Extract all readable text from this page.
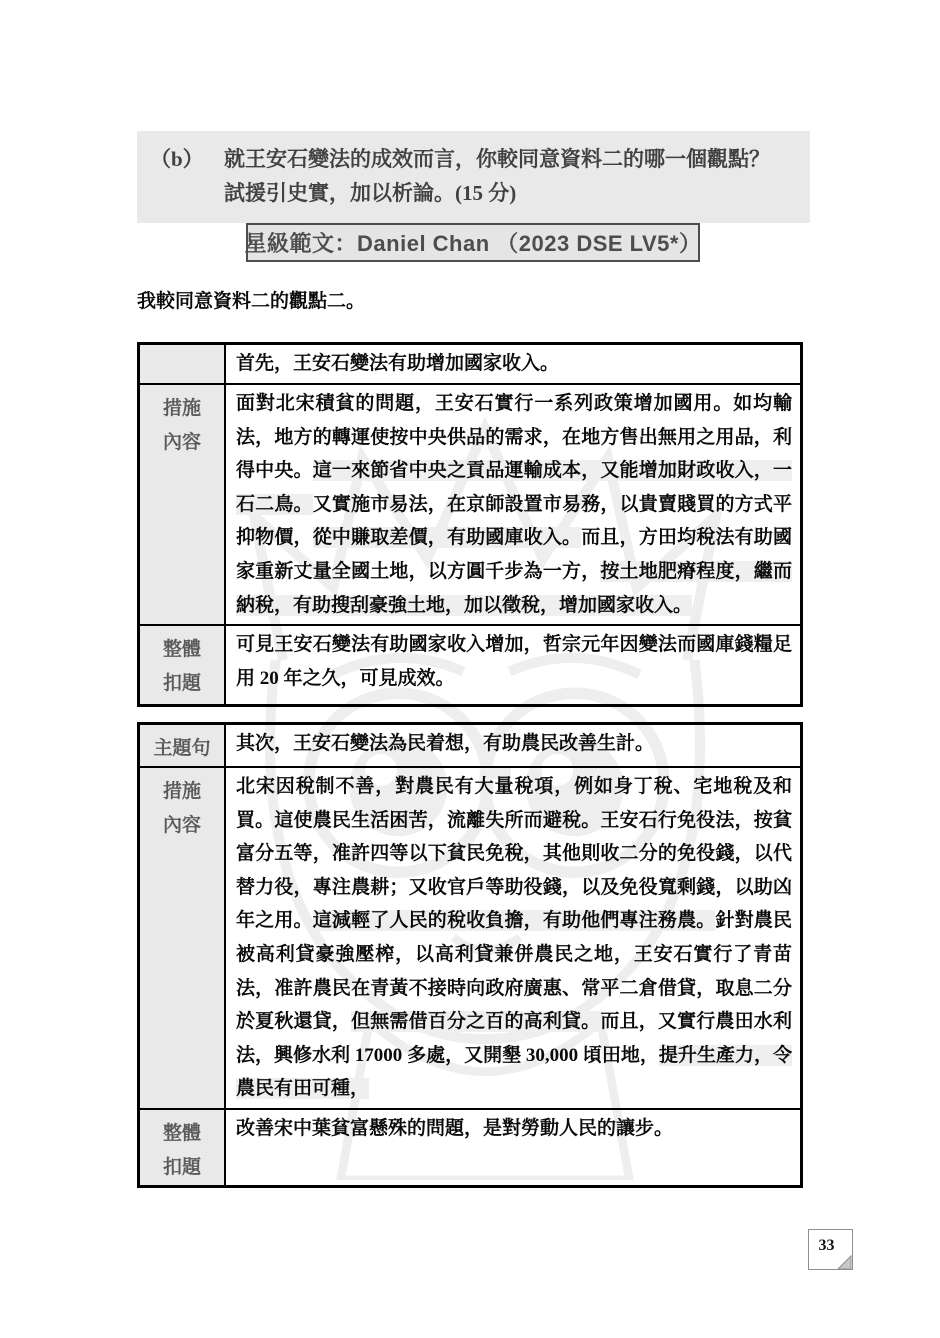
（b） 就王安石變法的成效而言，你較同意資料二的哪一個觀點？
試援引史實，加以析論。(15 分)
星級範文：Daniel Chan （2023 DSE LV5*）
我較同意資料二的觀點二。
首先，王安石變法有助增加國家收入。
措施
內容
面對北宋積貧的問題，王安石實行一系列政策增加國用。如均輸法，地方的轉運使按中央供品的需求，在地方售出無用之用品，利得中央。這一來節省中央之貢品運輸成本，又能增加財政收入，一石二鳥。又實施市易法，在京師設置市易務，以貴賣賤買的方式平抑物價，從中賺取差價，有助國庫收入。而且，方田均稅法有助國家重新丈量全國土地，以方圓千步為一方，按土地肥瘠程度，繼而納稅，有助搜刮豪強土地，加以徵稅，增加國家收入。
整體
扣題
可見王安石變法有助國家收入增加，哲宗元年因變法而國庫錢糧足用 20 年之久，可見成效。
主題句	其次，王安石變法為民着想，有助農民改善生計。
措施
內容
北宋因稅制不善，對農民有大量稅項，例如身丁稅、宅地稅及和買。這使農民生活困苦，流離失所而避稅。王安石行免役法，按貧富分五等，准許四等以下貧民免稅，其他則收二分的免役錢，以代替力役，專注農耕；又收官戶等助役錢，以及免役寬剩錢，以助凶年之用。這減輕了人民的稅收負擔，有助他們專注務農。針對農民被高利貸豪強壓榨，以高利貸兼併農民之地，王安石實行了青苗法，准許農民在青黃不接時向政府廣惠、常平二倉借貸，取息二分於夏秋還貸，但無需借百分之百的高利貸。而且，又實行農田水利法，興修水利 17000 多處，又開墾 30,000 頃田地，提升生產力，令農民有田可種，
整體
扣題
改善宋中葉貧富懸殊的問題，是對勞動人民的讓步。
33
